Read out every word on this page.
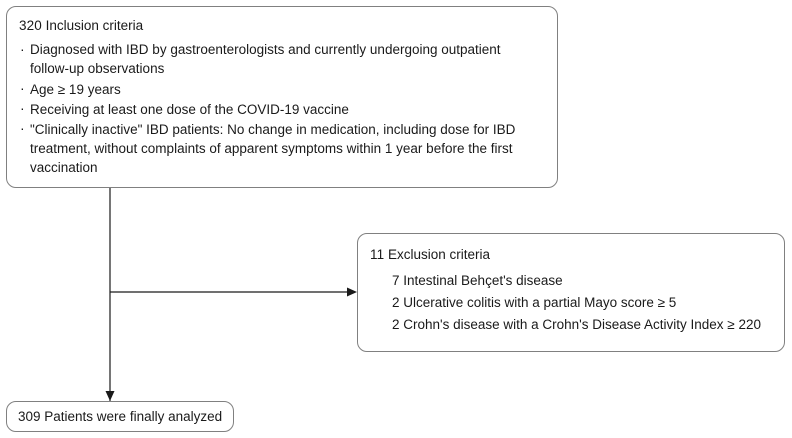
320 Inclusion criteria
· Diagnosed with IBD by gastroenterologists and currently undergoing outpatient follow-up observations
· Age ≥ 19 years
· Receiving at least one dose of the COVID-19 vaccine
· "Clinically inactive" IBD patients: No change in medication, including dose for IBD treatment, without complaints of apparent symptoms within 1 year before the first vaccination
11 Exclusion criteria
7 Intestinal Behçet's disease
2 Ulcerative colitis with a partial Mayo score ≥ 5
2 Crohn's disease with a Crohn's Disease Activity Index ≥ 220
309 Patients were finally analyzed
